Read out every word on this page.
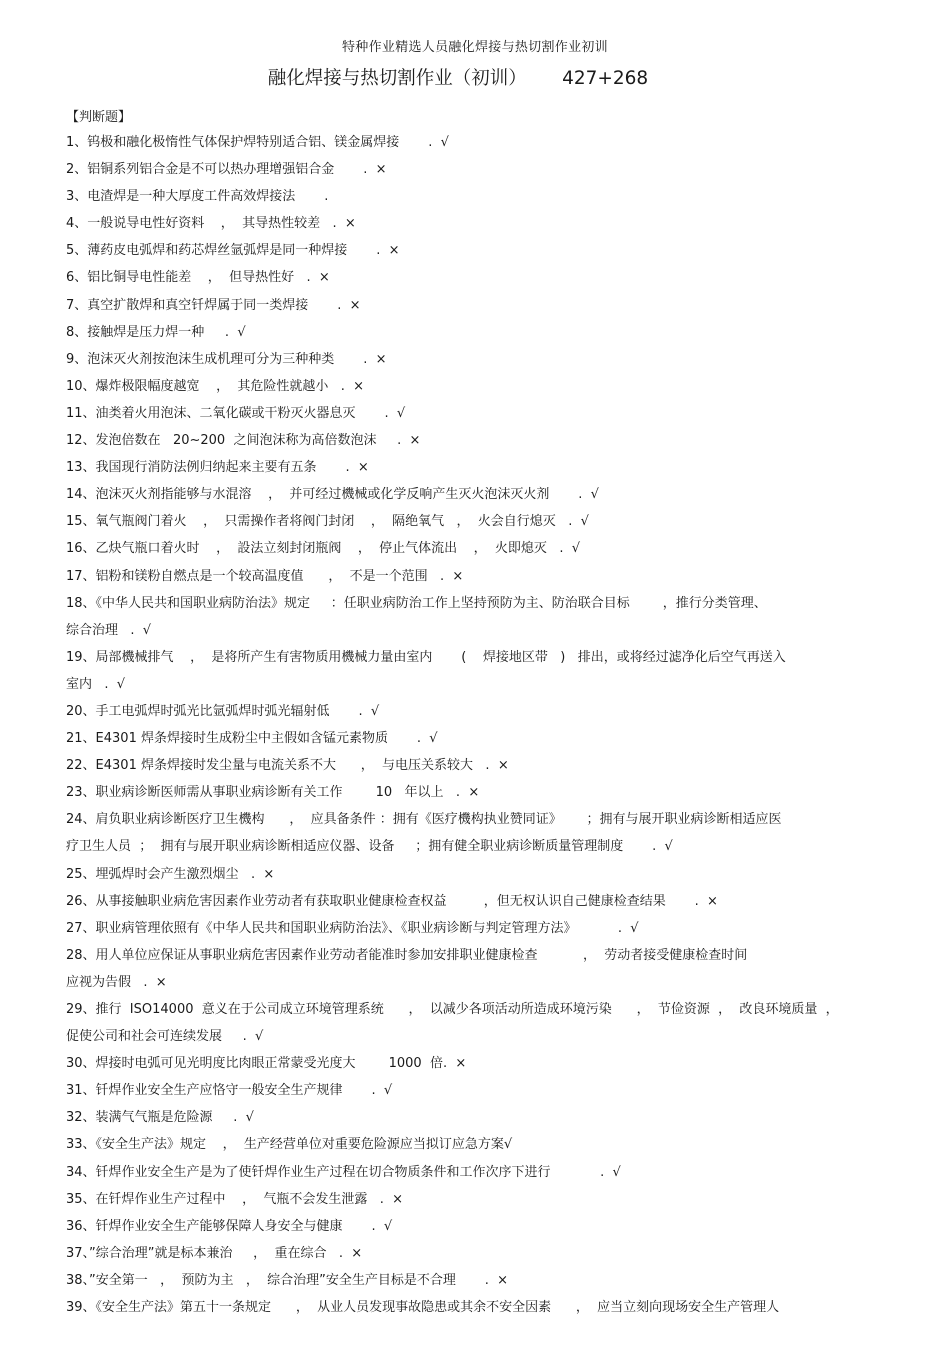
特种作业精选人员融化焊接与热切割作业初训
融化焊接与热切割作业（初训）      427+268
【判断题】
1、钨极和融化极惰性气体保护焊特别适合铝、镁金属焊接       .  √
2、铝铜系列铝合金是不可以热办理增强铝合金       .  ×
3、电渣焊是一种大厚度工件高效焊接法       .
4、一般说导电性好资料    ，  其导热性较差   .  ×
5、薄药皮电弧焊和药芯焊丝氩弧焊是同一种焊接       .  ×
6、铝比铜导电性能差    ，  但导热性好   .  ×
7、真空扩散焊和真空钎焊属于同一类焊接       .  ×
8、接触焊是压力焊一种     .  √
9、泡沫灭火剂按泡沫生成机理可分为三种种类       .  ×
10、爆炸极限幅度越宽    ，  其危险性就越小   .  ×
11、油类着火用泡沫、二氧化碳或干粉灭火器息灭       .  √
12、发泡倍数在   20~200  之间泡沫称为高倍数泡沫     .  ×
13、我国现行消防法例归纳起来主要有五条       .  ×
14、泡沫灭火剂指能够与水混溶    ，  并可经过機械或化学反响产生灭火泡沫灭火剂       .  √
15、氧气瓶阀门着火    ，  只需操作者将阀门封闭    ，  隔绝氧气   ，  火会自行熄灭   .  √
16、乙炔气瓶口着火时    ，  設法立刻封闭瓶阀    ，  停止气体流出    ，  火即熄灭   .  √
17、铝粉和镁粉自燃点是一个较高温度值      ，  不是一个范围   .  ×
18、《中华人民共和国职业病防治法》规定     ：任职业病防治工作上坚持预防为主、防治联合目标        ，推行分类管理、
综合治理   .  √
19、局部機械排气    ，  是将所产生有害物质用機械力量由室内       (    焊接地区带   )   排出，或将经过滤净化后空气再送入
室内   .  √
20、手工电弧焊时弧光比氩弧焊时弧光辐射低       .  √
21、E4301 焊条焊接时生成粉尘中主假如含锰元素物质       .  √
22、E4301 焊条焊接时发尘量与电流关系不大      ，  与电压关系较大   .  ×
23、职业病诊断医师需从事职业病诊断有关工作        10   年以上   .  ×
24、肩负职业病诊断医疗卫生機构      ，  应具备条件 ：拥有《医疗機构执业赞同证》      ；拥有与展开职业病诊断相适应医
疗卫生人员  ；  拥有与展开职业病诊断相适应仪器、设备     ；拥有健全职业病诊断质量管理制度       .  √
25、埋弧焊时会产生激烈烟尘   .  ×
26、从事接触职业病危害因素作业劳动者有获取职业健康检查权益         ，但无权认识自己健康检查结果       .  ×
27、职业病管理依照有《中华人民共和国职业病防治法》、《职业病诊断与判定管理方法》          .  √
28、用人单位应保证从事职业病危害因素作业劳动者能准时参加安排职业健康检查           ，  劳动者接受健康检查时间
应视为告假   .  ×
29、推行  ISO14000  意义在于公司成立环境管理系统      ，  以减少各项活动所造成环境污染      ，  节俭资源  ，  改良环境质量  ，
促使公司和社会可连续发展     .  √
30、焊接时电弧可见光明度比肉眼正常蒙受光度大        1000  倍.  ×
31、钎焊作业安全生产应恪守一般安全生产规律       .  √
32、装满气气瓶是危险源     .  √
33、《安全生产法》规定    ，  生产经营单位对重要危险源应当拟订应急方案√
34、钎焊作业安全生产是为了使钎焊作业生产过程在切合物质条件和工作次序下进行            .  √
35、在钎焊作业生产过程中    ，  气瓶不会发生泄露   .  ×
36、钎焊作业安全生产能够保障人身安全与健康       .  √
37、”综合治理”就是标本兼治     ，  重在综合   .  ×
38、”安全第一   ，  预防为主   ，  综合治理”安全生产目标是不合理       .  ×
39、《安全生产法》第五十一条规定      ，  从业人员发现事故隐患或其余不安全因素      ，  应当立刻向现场安全生产管理人
